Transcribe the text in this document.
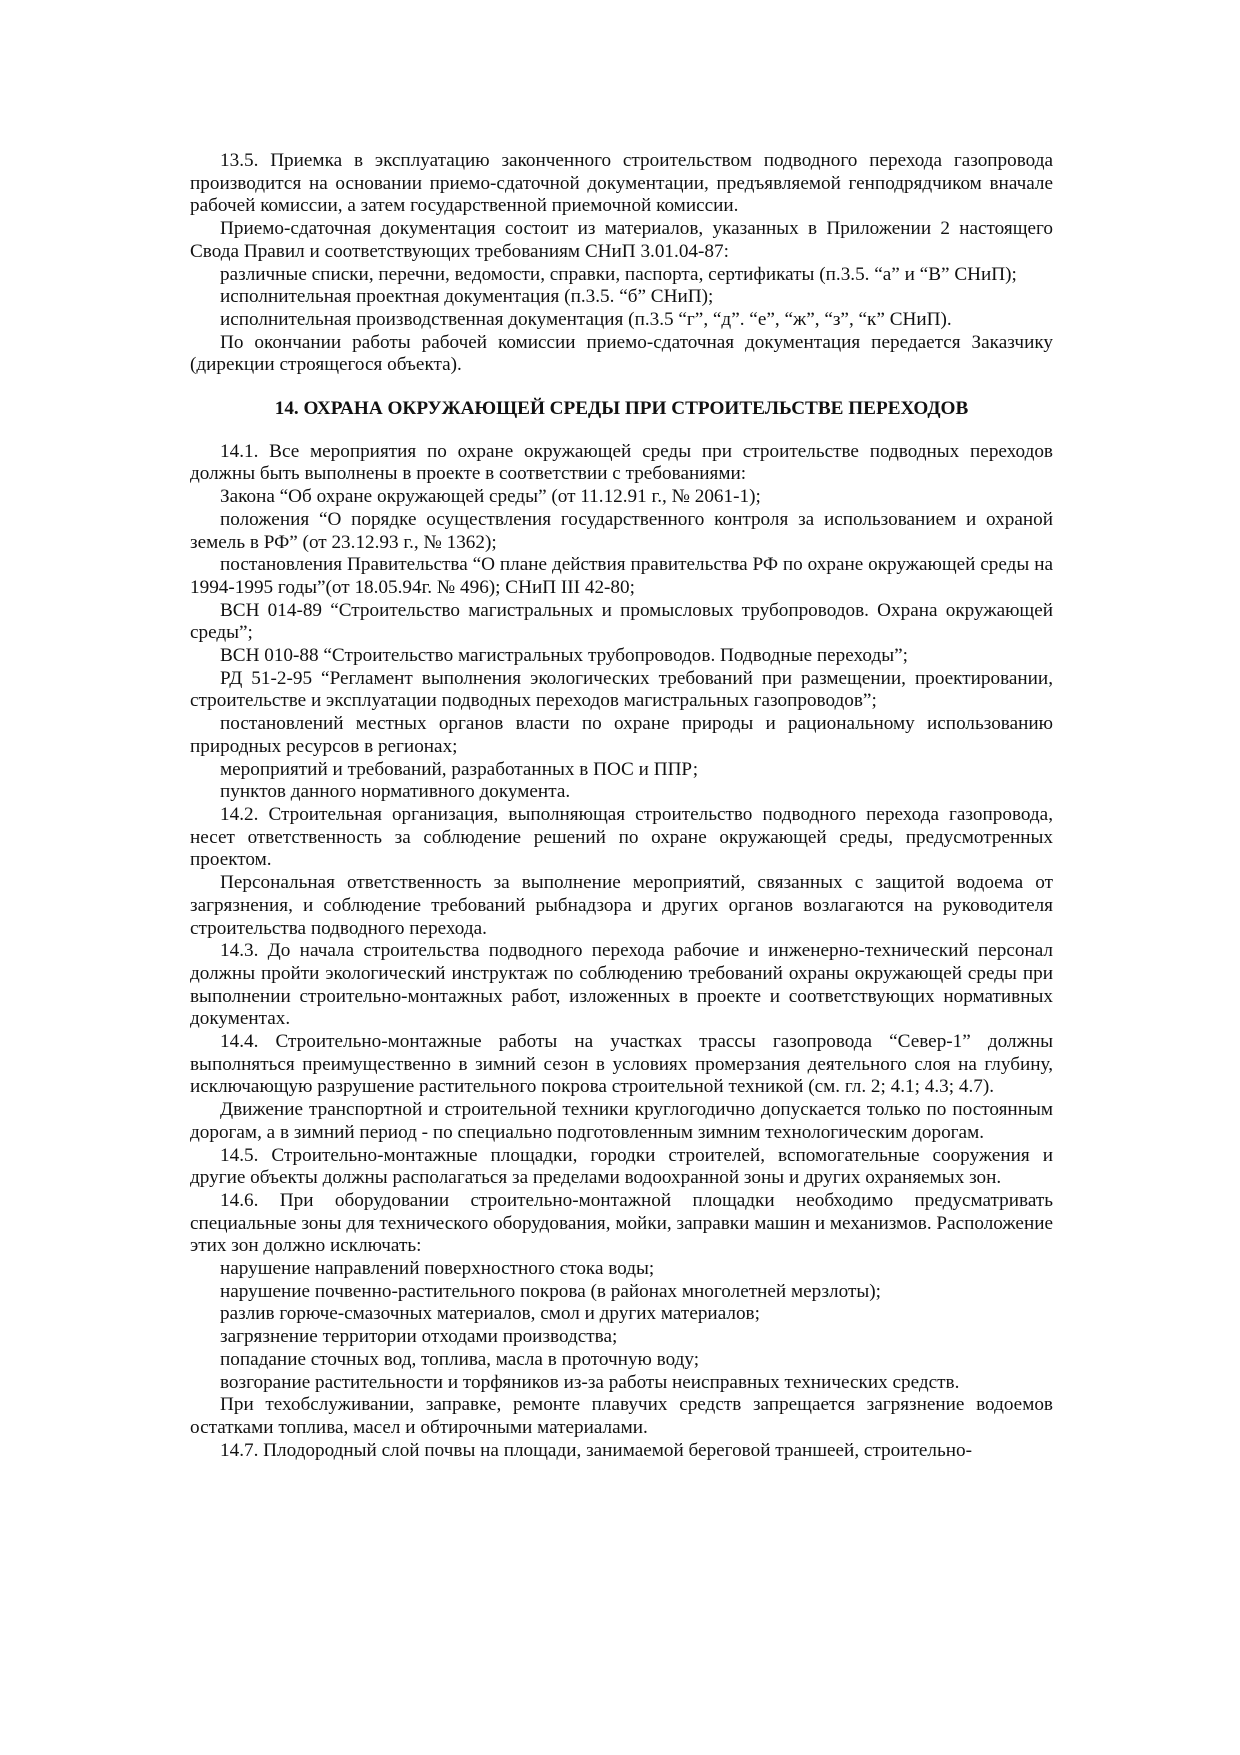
13.5. Приемка в эксплуатацию законченного строительством подводного перехода газопровода производится на основании приемо-сдаточной документации, предъявляемой генподрядчиком вначале рабочей комиссии, а затем государственной приемочной комиссии.

Приемо-сдаточная документация состоит из материалов, указанных в Приложении 2 настоящего Свода Правил и соответствующих требованиям СНиП 3.01.04-87:

различные списки, перечни, ведомости, справки, паспорта, сертификаты (п.3.5. “а” и “В” СНиП);

исполнительная проектная документация (п.3.5. “б” СНиП);

исполнительная производственная документация (п.3.5 “г”, “д”. “е”, “ж”, “з”, “к” СНиП).

По окончании работы рабочей комиссии приемо-сдаточная документация передается Заказчику (дирекции строящегося объекта).

14. ОХРАНА ОКРУЖАЮЩЕЙ СРЕДЫ ПРИ СТРОИТЕЛЬСТВЕ ПЕРЕХОДОВ

14.1. Все мероприятия по охране окружающей среды при строительстве подводных переходов должны быть выполнены в проекте в соответствии с требованиями:

Закона “Об охране окружающей среды” (от 11.12.91 г., № 2061-1);

положения “О порядке осуществления государственного контроля за использованием и охраной земель в РФ” (от 23.12.93 г., № 1362);

постановления Правительства “О плане действия правительства РФ по охране окружающей среды на 1994-1995 годы”(от 18.05.94г. № 496); СНиП III 42-80;

ВСН 014-89 “Строительство магистральных и промысловых трубопроводов. Охрана окружающей среды”;

ВСН 010-88 “Строительство магистральных трубопроводов. Подводные переходы”;

РД 51-2-95 “Регламент выполнения экологических требований при размещении, проектировании, строительстве и эксплуатации подводных переходов магистральных газопроводов”;

постановлений местных органов власти по охране природы и рациональному использованию природных ресурсов в регионах;

мероприятий и требований, разработанных в ПОС и ППР;

пунктов данного нормативного документа.

14.2. Строительная организация, выполняющая строительство подводного перехода газопровода, несет ответственность за соблюдение решений по охране окружающей среды, предусмотренных проектом.

Персональная ответственность за выполнение мероприятий, связанных с защитой водоема от загрязнения, и соблюдение требований рыбнадзора и других органов возлагаются на руководителя строительства подводного перехода.

14.3. До начала строительства подводного перехода рабочие и инженерно-технический персонал должны пройти экологический инструктаж по соблюдению требований охраны окружающей среды при выполнении строительно-монтажных работ, изложенных в проекте и соответствующих нормативных документах.

14.4. Строительно-монтажные работы на участках трассы газопровода “Север-1” должны выполняться преимущественно в зимний сезон в условиях промерзания деятельного слоя на глубину, исключающую разрушение растительного покрова строительной техникой (см. гл. 2; 4.1; 4.3; 4.7).

Движение транспортной и строительной техники круглогодично допускается только по постоянным дорогам, а в зимний период - по специально подготовленным зимним технологическим дорогам.

14.5. Строительно-монтажные площадки, городки строителей, вспомогательные сооружения и другие объекты должны располагаться за пределами водоохранной зоны и других охраняемых зон.

14.6. При оборудовании строительно-монтажной площадки необходимо предусматривать специальные зоны для технического оборудования, мойки, заправки машин и механизмов. Расположение этих зон должно исключать:

нарушение направлений поверхностного стока воды;

нарушение почвенно-растительного покрова (в районах многолетней мерзлоты);

разлив горюче-смазочных материалов, смол и других материалов;

загрязнение территории отходами производства;

попадание сточных вод, топлива, масла в проточную воду;

возгорание растительности и торфяников из-за работы неисправных технических средств.

При техобслуживании, заправке, ремонте плавучих средств запрещается загрязнение водоемов остатками топлива, масел и обтирочными материалами.

14.7. Плодородный слой почвы на площади, занимаемой береговой траншеей, строительно-
